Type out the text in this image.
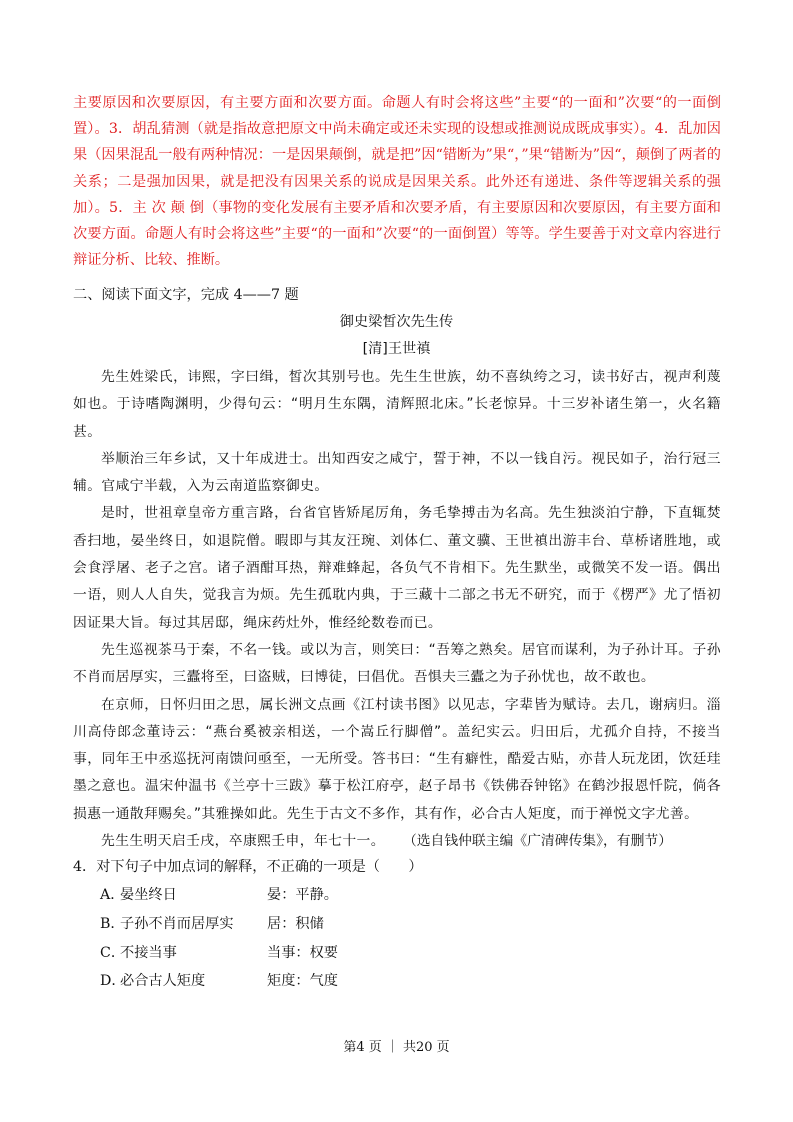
主要原因和次要原因，有主要方面和次要方面。命题人有时会将这些”主要“的一面和”次要“的一面倒置）。3．胡乱猜测（就是指故意把原文中尚未确定或还未实现的设想或推测说成既成事实）。4．乱加因果（因果混乱一般有两种情况：一是因果颠倒，就是把”因“错断为”果“，”果“错断为”因“，颠倒了两者的关系；二是强加因果，就是把没有因果关系的说成是因果关系。此外还有递进、条件等逻辑关系的强加）。5．主 次 颠 倒（事物的变化发展有主要矛盾和次要矛盾，有主要原因和次要原因，有主要方面和次要方面。命题人有时会将这些”主要“的一面和”次要“的一面倒置）等等。学生要善于对文章内容进行辩证分析、比较、推断。

二、阅读下面文字，完成 4——7 题

御史梁皙次先生传

[清]王世禛

先生姓梁氏，讳熙，字曰缉，皙次其别号也。先生生世族，幼不喜纨绔之习，读书好古，视声利蔑如也。于诗嗜陶渊明，少得句云：“明月生东隅，清辉照北床。”长老惊异。十三岁补诸生第一，火名籍甚。

举顺治三年乡试，又十年成进士。出知西安之咸宁，誓于神，不以一钱自污。视民如子，治行冠三辅。官咸宁半载，入为云南道监察御史。

是时，世祖章皇帝方重言路，台省官皆矫尾厉角，务毛挚搏击为名高。先生独淡泊宁静，下直辄焚香扫地，晏坐终日，如退院僧。暇即与其友汪琬、刘体仁、董文骥、王世禛出游丰台、草桥诸胜地，或会食浮屠、老子之宫。诸子酒酣耳热，辩难蜂起，各负气不肯相下。先生默坐，或微笑不发一语。偶出一语，则人人自失，觉我言为烦。先生孤耽内典，于三藏十二部之书无不研究，而于《楞严》尤了悟初因证果大旨。每过其居邸，绳床药灶外，惟经纶数卷而已。

先生巡视茶马于秦，不名一钱。或以为言，则笑曰：“吾筹之熟矣。居官而谋利，为子孙计耳。子孙不肖而居厚实，三蠹将至，曰盗贼，曰博徒，曰倡优。吾惧夫三蠹之为子孙忧也，故不敢也。

在京师，日怀归田之思，属长洲文点画《江村读书图》以见志，字辈皆为赋诗。去几，谢病归。淄川高侍郎念董诗云：“燕台奚被亲相送，一个嵩丘行脚僧”。盖纪实云。归田后，尤孤介自持，不接当事，同年王中丞巡抚河南馈问亟至，一无所受。答书曰：“生有癖性，酷爱古贴，亦昔人玩龙团，饮廷珪墨之意也。温宋仲温书《兰亭十三跋》摹于松江府亭，赵子昂书《铁佛吞钟铭》在鹤沙报恩忏院，倘各损惠一通散拜赐矣。”其雅操如此。先生于古文不多作，其有作，必合古人矩度，而于禅悦文字尤善。

先生生明天启壬戌，卒康熙壬申，年七十一。	（选自钱仲联主编《广清碑传集》，有删节）

4．对下句子中加点词的解释，不正确的一项是（　　）

A．
晏坐终日	晏：平静。
B．
子孙不肖而居厚实	居：积储
C．
不接当事	当事：权要
D．
必合古人矩度	矩度：气度

第4 页 ｜ 共20 页
